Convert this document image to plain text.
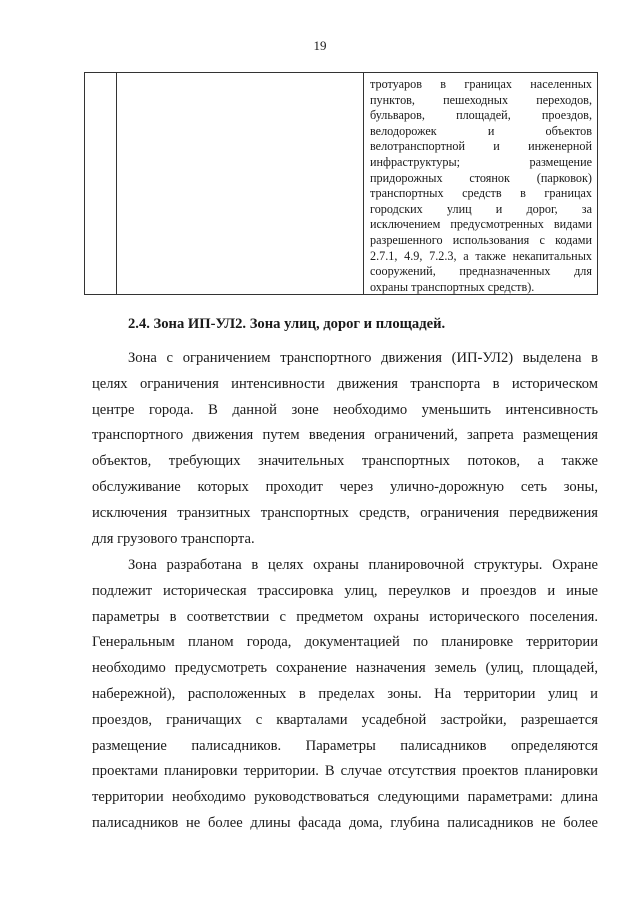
19
тротуаров в границах населенных
пунктов, пешеходных переходов,
бульваров, площадей, проездов,
велодорожек и объектов
велотранспортной и инженерной
инфраструктуры; размещение
придорожных стоянок (парковок)
транспортных средств в границах
городских улиц и дорог, за
исключением предусмотренных видами
разрешенного использования с кодами
2.7.1, 4.9, 7.2.3, а также некапитальных
сооружений, предназначенных для
охраны транспортных средств).
2.4. Зона ИП-УЛ2. Зона улиц, дорог и площадей.
Зона с ограничением транспортного движения (ИП-УЛ2) выделена в
целях ограничения интенсивности движения транспорта в историческом
центре города. В данной зоне необходимо уменьшить интенсивность
транспортного движения путем введения ограничений, запрета размещения
объектов, требующих значительных транспортных потоков, а также
обслуживание которых проходит через улично-дорожную сеть зоны,
исключения транзитных транспортных средств, ограничения передвижения
для грузового транспорта.
Зона разработана в целях охраны планировочной структуры. Охране
подлежит историческая трассировка улиц, переулков и проездов и иные
параметры в соответствии с предметом охраны исторического поселения.
Генеральным планом города, документацией по планировке территории
необходимо предусмотреть сохранение назначения земель (улиц, площадей,
набережной), расположенных в пределах зоны. На территории улиц и
проездов, граничащих с кварталами усадебной застройки, разрешается
размещение палисадников. Параметры палисадников определяются
проектами планировки территории. В случае отсутствия проектов планировки
территории необходимо руководствоваться следующими параметрами: длина
палисадников не более длины фасада дома, глубина палисадников не более
